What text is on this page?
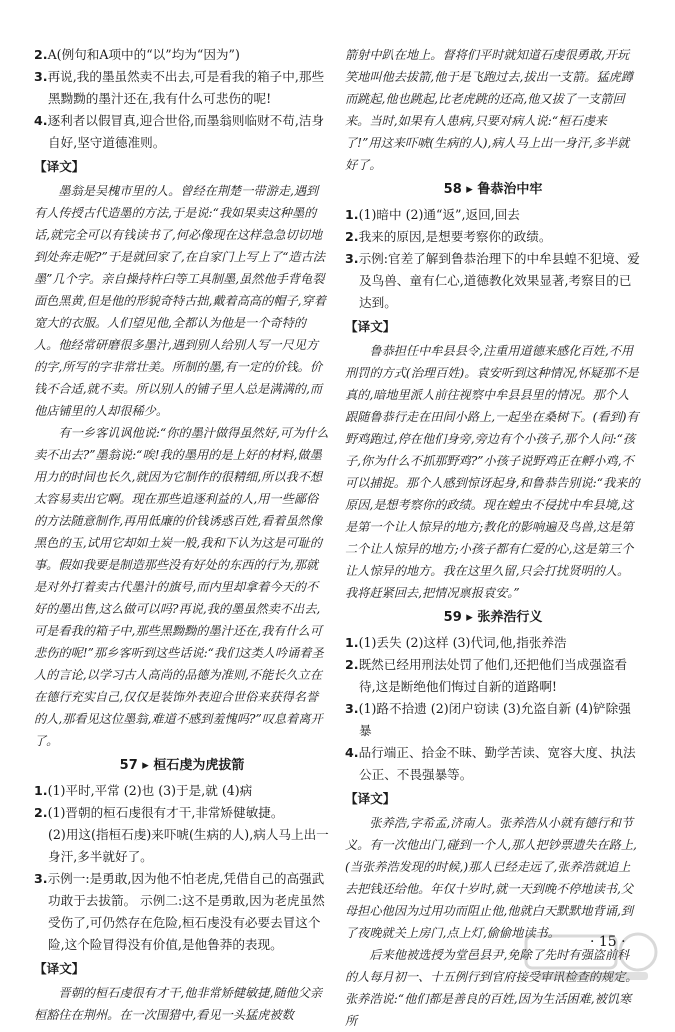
2.A(例句和A项中的“以”均为“因为”)

3.再说,我的墨虽然卖不出去,可是看我的箱子中,那些黑黝黝的墨汁还在,我有什么可悲伤的呢!

4.逐利者以假冒真,迎合世俗,而墨翁则临财不苟,洁身自好,坚守道德准则。

【译文】

墨翁是吴槐市里的人。曾经在荆楚一带游走,遇到有人传授古代造墨的方法,于是说:“我如果卖这种墨的话,就完全可以有钱读书了,何必像现在这样急急切切地到处奔走呢?”于是就回家了,在自家门上写上了“造古法墨”几个字。亲自操持杵臼等工具制墨,虽然他手背龟裂面色黑黄,但是他的形貌奇特古拙,戴着高高的帽子,穿着宽大的衣服。人们望见他,全都认为他是一个奇特的人。他经常研磨很多墨汁,遇到别人给别人写一尺见方的字,所写的字非常壮美。所制的墨,有一定的价钱。价钱不合适,就不卖。所以别人的铺子里人总是满满的,而他店铺里的人却很稀少。

有一乡客讥讽他说:“你的墨汁做得虽然好,可为什么卖不出去?”墨翁说:“唉!我的墨用的是上好的材料,做墨用力的时间也长久,就因为它制作的很精细,所以我不想太容易卖出它啊。现在那些追逐利益的人,用一些鄙俗的方法随意制作,再用低廉的价钱诱惑百姓,看着虽然像黑色的玉,试用它却如土炭一般,我和下认为这是可耻的事。假如我要是制造那些没有好处的东西的行为,那就是对外打着卖古代墨汁的旗号,而内里却拿着今天的不好的墨出售,这么做可以吗?再说,我的墨虽然卖不出去,可是看我的箱子中,那些黑黝黝的墨汁还在,我有什么可悲伤的呢!”那乡客听到这些话说:“我们这类人吟诵着圣人的言论,以学习古人高尚的品德为准则,不能长久立在在德行充实自己,仅仅是装饰外表迎合世俗来获得名誉的人,那看见这位墨翁,难道不感到羞愧吗?”叹息着离开了。

57 ▸ 桓石虔为虎拔箭

1.(1)平时,平常 (2)也 (3)于是,就 (4)病

2.(1)晋朝的桓石虔很有才干,非常矫健敏捷。

(2)用这(指桓石虔)来吓唬(生病的人),病人马上出一身汗,多半就好了。

3.示例一:是勇敢,因为他不怕老虎,凭借自己的高强武功敢于去拔箭。 示例二:这不是勇敢,因为老虎虽然受伤了,可仍然存在危险,桓石虔没有必要去冒这个险,这个险冒得没有价值,是他鲁莽的表现。

【译文】

晋朝的桓石虔很有才干,他非常矫健敏捷,随他父亲桓豁住在荆州。在一次围猎中,看见一头猛虎被数

箭射中趴在地上。督将们平时就知道石虔很勇敢,开玩笑地叫他去拔箭,他于是飞跑过去,拔出一支箭。猛虎蹲而跳起,他也跳起,比老虎跳的还高,他又拔了一支箭回来。当时,如果有人患病,只要对病人说:“桓石虔来了!”用这来吓唬(生病的人),病人马上出一身汗,多半就好了。

58 ▸ 鲁恭治中牢

1.(1)暗中 (2)通“返”,返回,回去

2.我来的原因,是想要考察你的政绩。

3.示例:官差了解到鲁恭治理下的中牟县蝗不犯境、爱及鸟兽、童有仁心,道德教化效果显著,考察目的已达到。

【译文】

鲁恭担任中牟县县令,注重用道德来感化百姓,不用刑罚的方式(治理百姓)。袁安听到这种情况,怀疑那不是真的,暗地里派人前往视察中牟县县里的情况。那个人跟随鲁恭行走在田间小路上,一起坐在桑树下。(看到)有野鸡跑过,停在他们身旁,旁边有个小孩子,那个人问:“孩子,你为什么不抓那野鸡?”小孩子说野鸡正在孵小鸡,不可以捕捉。那个人感到惊讶起身,和鲁恭告别说:“我来的原因,是想考察你的政绩。现在蝗虫不侵扰中牟县境,这是第一个让人惊异的地方;教化的影响遍及鸟兽,这是第二个让人惊异的地方;小孩子都有仁爱的心,这是第三个让人惊异的地方。我在这里久留,只会打扰贤明的人。我将赶紧回去,把情况禀报袁安。”

59 ▸ 张养浩行义

1.(1)丢失 (2)这样 (3)代词,他,指张养浩

2.既然已经用刑法处罚了他们,还把他们当成强盗看待,这是断绝他们悔过自新的道路啊!

3.(1)路不拾遗 (2)闭户窃读 (3)允盗自新 (4)铲除强暴

4.品行端正、拾金不昧、勤学苦读、宽容大度、执法公正、不畏强暴等。

【译文】

张养浩,字希孟,济南人。张养浩从小就有德行和节义。有一次他出门,碰到一个人,那人把钞票遗失在路上,(当张养浩发现的时候,)那人已经走远了,张养浩就追上去把钱还给他。年仅十岁时,就一天到晚不停地读书,父母担心他因为过用功而阻止他,他就白天默默地背诵,到了夜晚就关上房门,点上灯,偷偷地读书。

后来他被选授为堂邑县尹,免除了先时有强盗前科的人每月初一、十五例行到官府接受审讯检查的规定。张养浩说:“他们都是善良的百姓,因为生活困难,被饥寒所

· 15 ·
